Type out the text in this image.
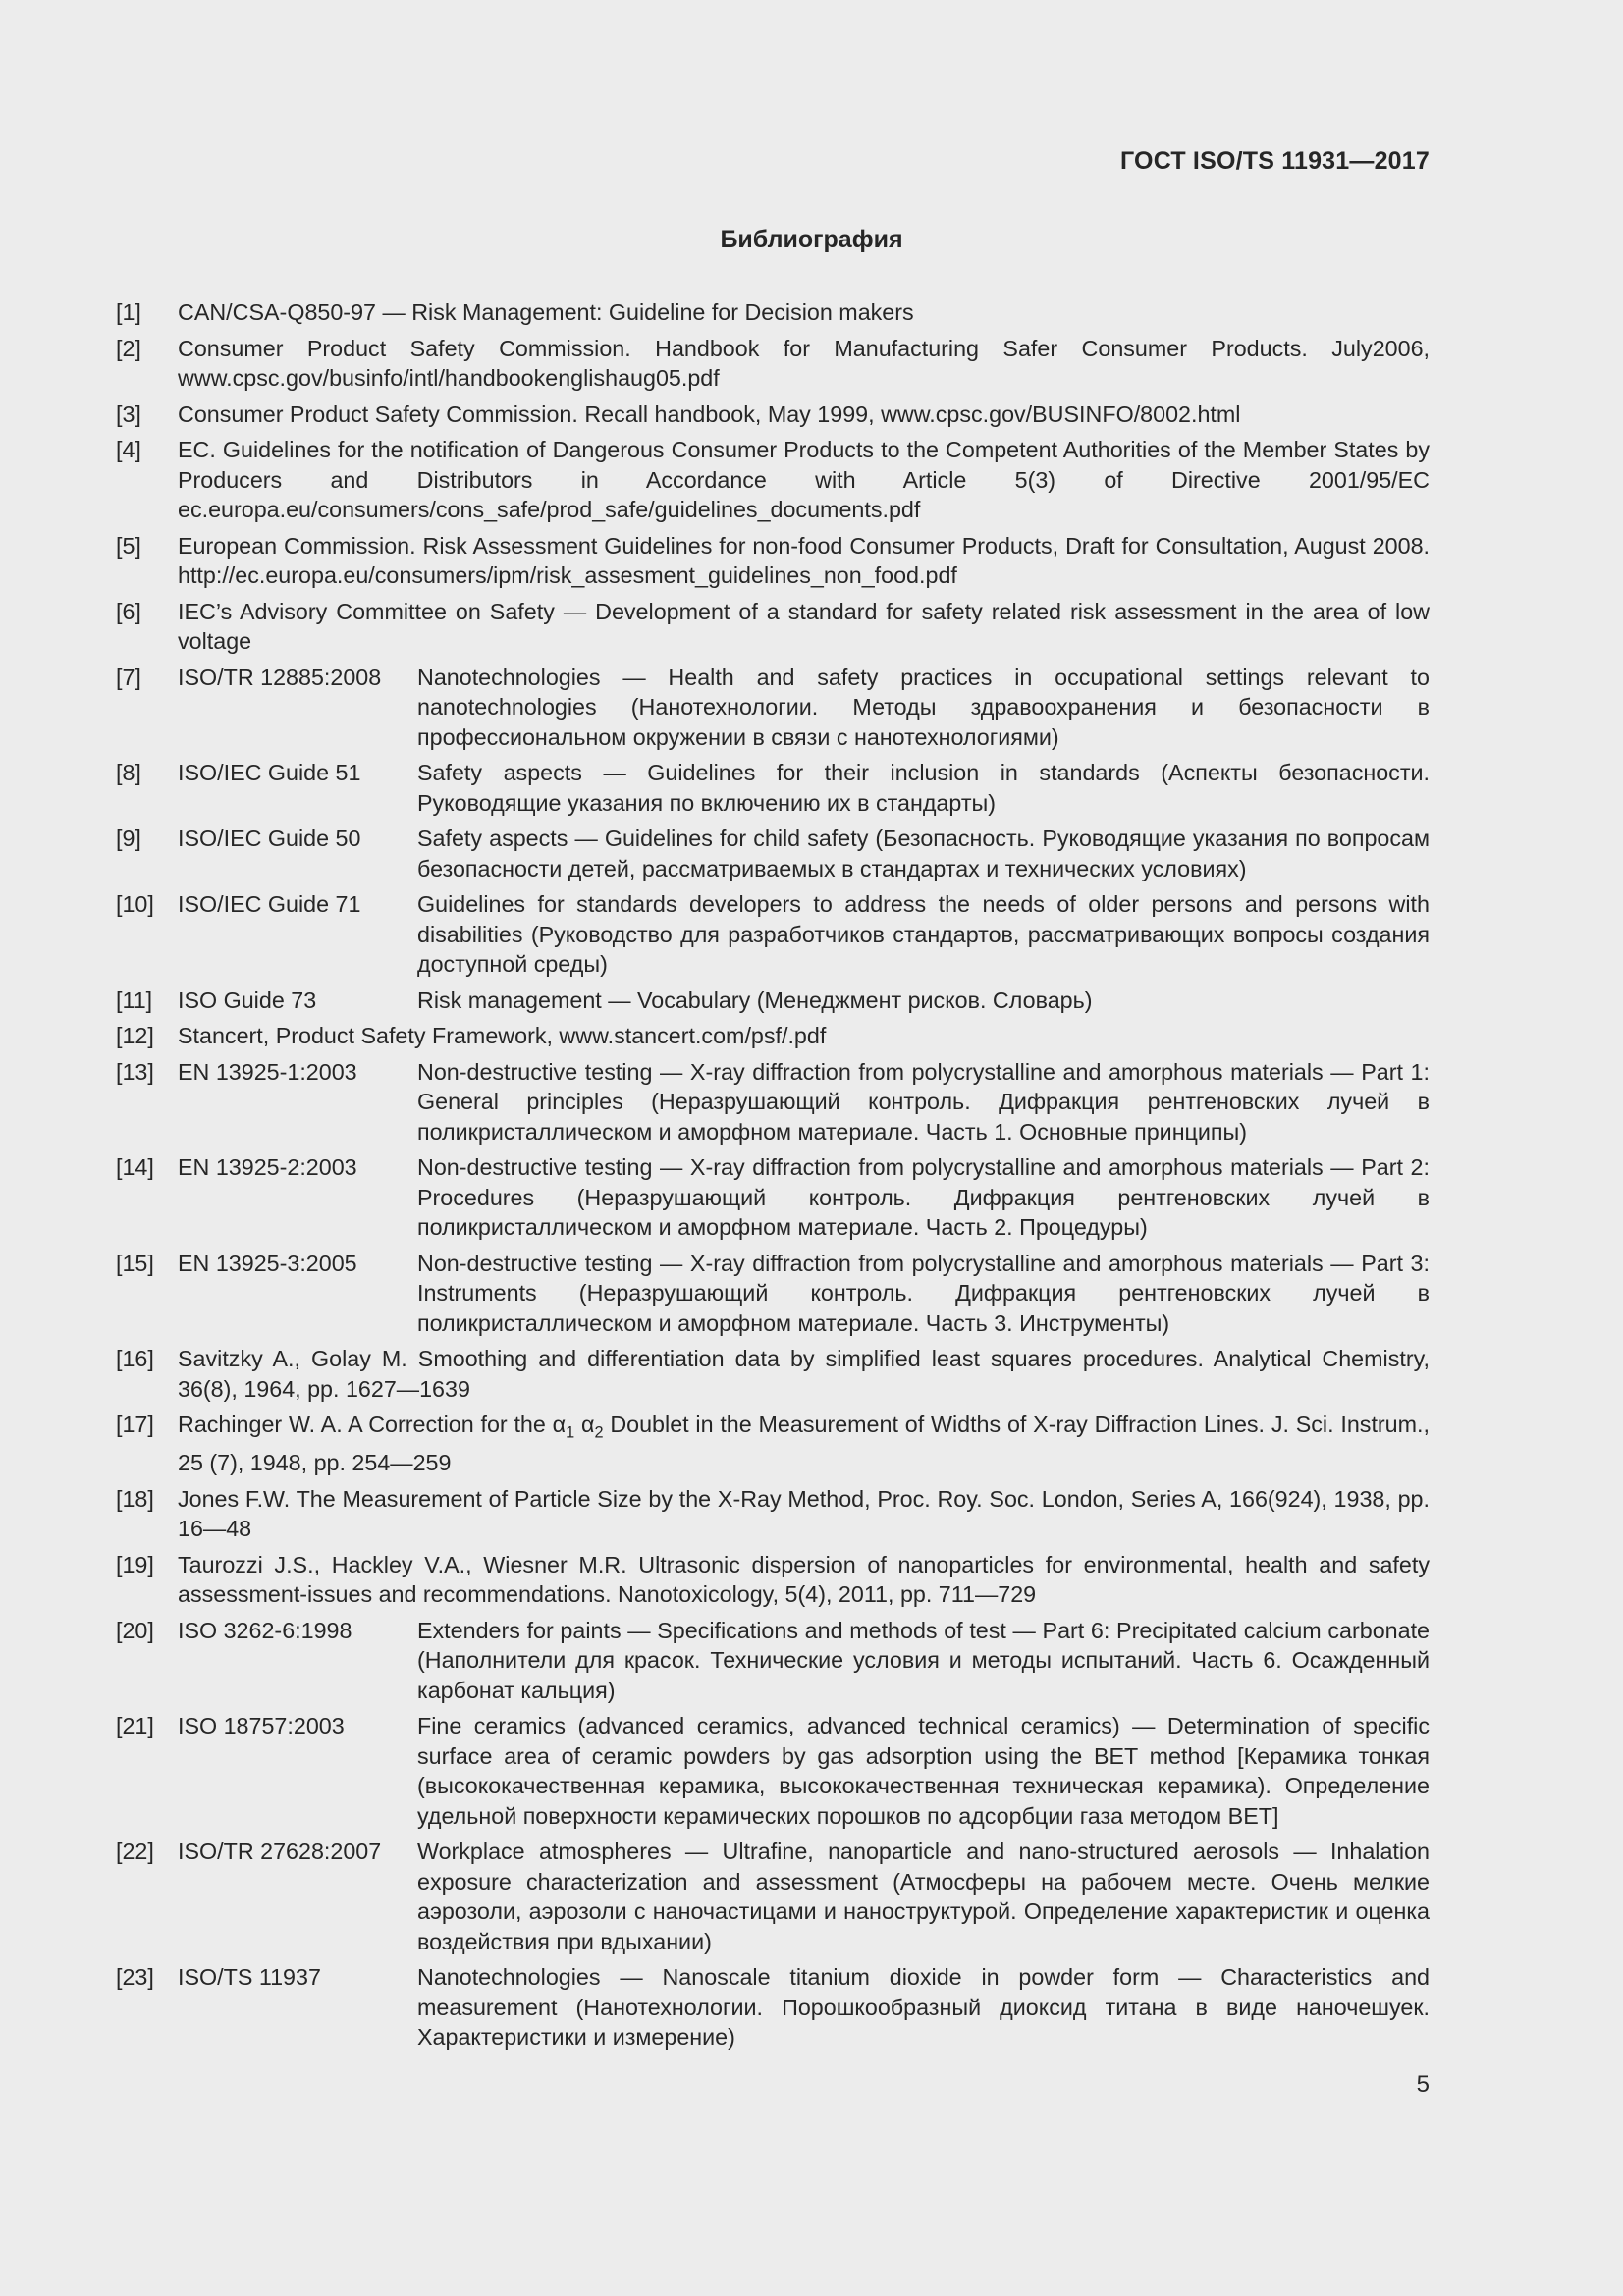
ГОСТ ISO/TS 11931—2017
Библиография
[1]	CAN/CSA-Q850-97 — Risk Management: Guideline for Decision makers
[2]	Consumer Product Safety Commission. Handbook for Manufacturing Safer Consumer Products. July2006, www.cpsc.gov/businfo/intl/handbookenglishaug05.pdf
[3]	Consumer Product Safety Commission. Recall handbook, May 1999, www.cpsc.gov/BUSINFO/8002.html
[4]	EC. Guidelines for the notification of Dangerous Consumer Products to the Competent Authorities of the Member States by Producers and Distributors in Accordance with Article 5(3) of Directive 2001/95/EC ec.europa.eu/consumers/cons_safe/prod_safe/guidelines_documents.pdf
[5]	European Commission. Risk Assessment Guidelines for non-food Consumer Products, Draft for Consultation, August 2008. http://ec.europa.eu/consumers/ipm/risk_assesment_guidelines_non_food.pdf
[6]	IEC’s Advisory Committee on Safety — Development of a standard for safety related risk assessment in the area of low voltage
[7]	ISO/TR 12885:2008	Nanotechnologies — Health and safety practices in occupational settings relevant to nanotechnologies (Нанотехнологии. Методы здравоохранения и безопасности в профессиональном окружении в связи с нанотехнологиями)
[8]	ISO/IEC Guide 51	Safety aspects — Guidelines for their inclusion in standards (Аспекты безопасности. Руководящие указания по включению их в стандарты)
[9]	ISO/IEC Guide 50	Safety aspects — Guidelines for child safety (Безопасность. Руководящие указания по вопросам безопасности детей, рассматриваемых в стандартах и технических условиях)
[10]	ISO/IEC Guide 71	Guidelines for standards developers to address the needs of older persons and persons with disabilities (Руководство для разработчиков стандартов, рассматривающих вопросы создания доступной среды)
[11]	ISO Guide 73	Risk management — Vocabulary (Менеджмент рисков. Словарь)
[12]	Stancert, Product Safety Framework, www.stancert.com/psf/.pdf
[13]	EN 13925-1:2003	Non-destructive testing — X-ray diffraction from polycrystalline and amorphous materials — Part 1: General principles (Неразрушающий контроль. Дифракция рентгеновских лучей в поликристаллическом и аморфном материале. Часть 1. Основные принципы)
[14]	EN 13925-2:2003	Non-destructive testing — X-ray diffraction from polycrystalline and amorphous materials — Part 2: Procedures (Неразрушающий контроль. Дифракция рентгеновских лучей в поликристаллическом и аморфном материале. Часть 2. Процедуры)
[15]	EN 13925-3:2005	Non-destructive testing — X-ray diffraction from polycrystalline and amorphous materials — Part 3: Instruments (Неразрушающий контроль. Дифракция рентгеновских лучей в поликристаллическом и аморфном материале. Часть 3. Инструменты)
[16]	Savitzky A., Golay M. Smoothing and differentiation data by simplified least squares procedures. Analytical Chemistry, 36(8), 1964, pp. 1627—1639
[17]	Rachinger W. A. A Correction for the $\alpha_1$ $\alpha_2$ Doublet in the Measurement of Widths of X-ray Diffraction Lines. J. Sci. Instrum., 25 (7), 1948, pp. 254—259
[18]	Jones F.W. The Measurement of Particle Size by the X-Ray Method, Proc. Roy. Soc. London, Series A, 166(924), 1938, pp. 16—48
[19]	Taurozzi J.S., Hackley V.A., Wiesner M.R. Ultrasonic dispersion of nanoparticles for environmental, health and safety assessment-issues and recommendations. Nanotoxicology, 5(4), 2011, pp. 711—729
[20]	ISO 3262-6:1998	Extenders for paints — Specifications and methods of test — Part 6: Precipitated calcium carbonate (Наполнители для красок. Технические условия и методы испытаний. Часть 6. Осажденный карбонат кальция)
[21]	ISO 18757:2003	Fine ceramics (advanced ceramics, advanced technical ceramics) — Determination of specific surface area of ceramic powders by gas adsorption using the BET method [Керамика тонкая (высококачественная керамика, высококачественная техническая керамика). Определение удельной поверхности керамических порошков по адсорбции газа методом BET]
[22]	ISO/TR 27628:2007	Workplace atmospheres — Ultrafine, nanoparticle and nano-structured aerosols — Inhalation exposure characterization and assessment (Атмосферы на рабочем месте. Очень мелкие аэрозоли, аэрозоли с наночастицами и наноструктурой. Определение характеристик и оценка воздействия при вдыхании)
[23]	ISO/TS 11937	Nanotechnologies — Nanoscale titanium dioxide in powder form — Characteristics and measurement (Нанотехнологии. Порошкообразный диоксид титана в виде наночешуек. Характеристики и измерение)
5
